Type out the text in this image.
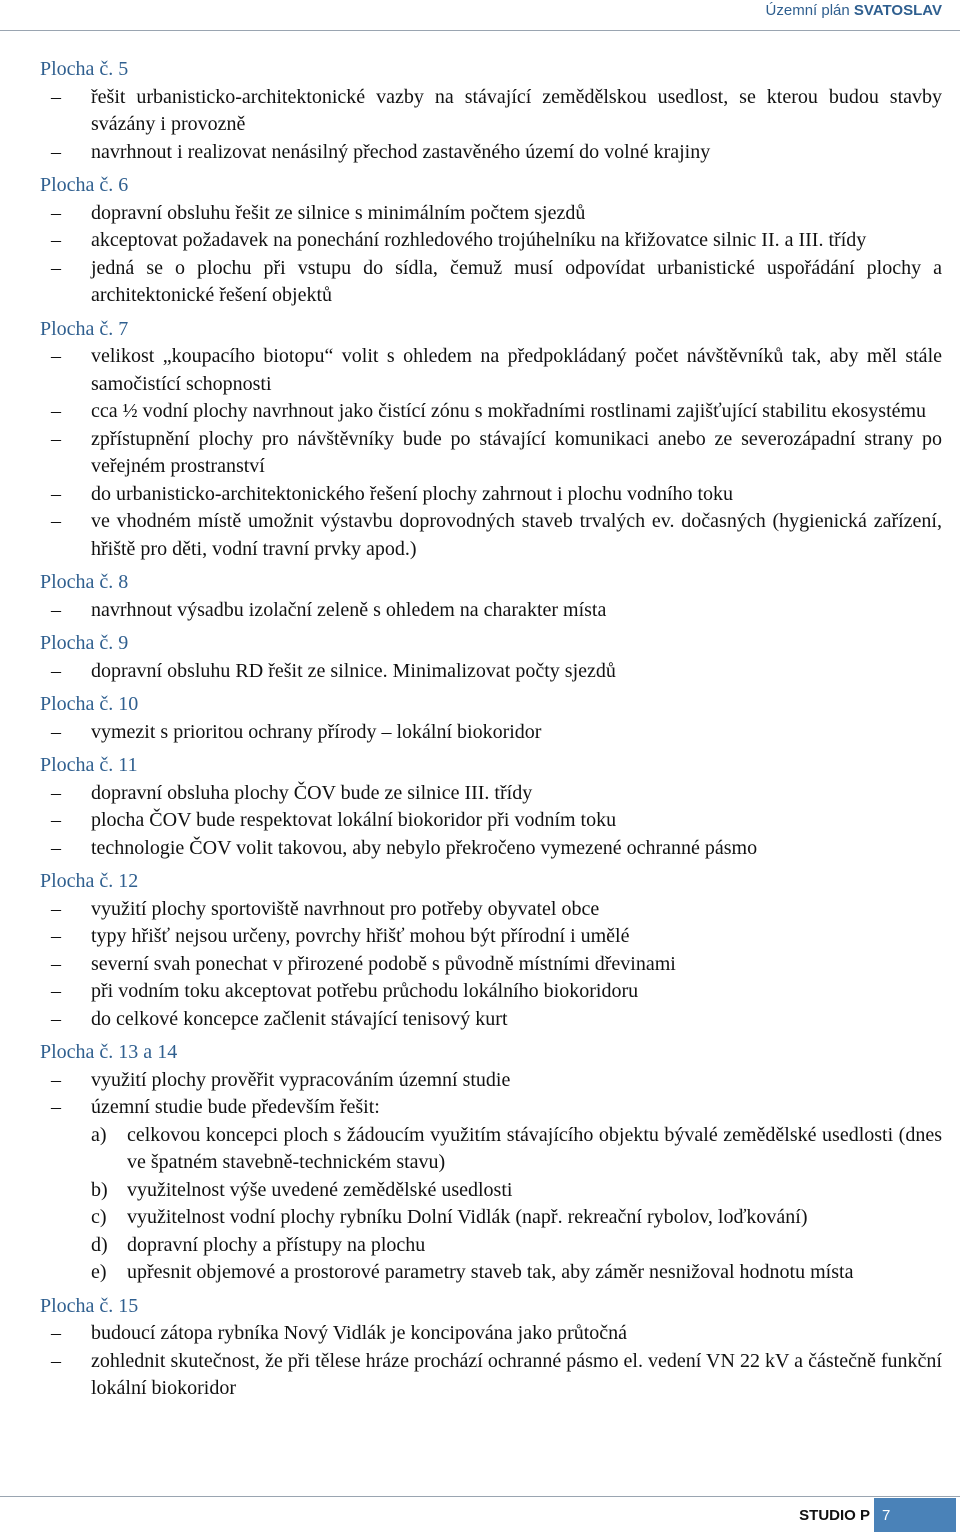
Územní plán SVATOSLAV
Plocha č. 5
–	řešit urbanisticko-architektonické vazby na stávající zemědělskou usedlost, se kterou budou stavby svázány i provozně
–	navrhnout i realizovat nenásilný přechod zastavěného území do volné krajiny
Plocha č. 6
–	dopravní obsluhu řešit ze silnice s minimálním počtem sjezdů
–	akceptovat požadavek na ponechání rozhledového trojúhelníku na křižovatce silnic II. a III. třídy
–	jedná se o plochu při vstupu do sídla, čemuž musí odpovídat urbanistické uspořádání plochy a architektonické řešení objektů
Plocha č. 7
–	velikost „koupacího biotopu“ volit s ohledem na předpokládaný počet návštěvníků tak, aby měl stále samočistící schopnosti
–	cca ½ vodní plochy navrhnout jako čistící zónu s mokřadními rostlinami zajišťující stabilitu ekosystému
–	zpřístupnění plochy pro návštěvníky bude po stávající komunikaci anebo ze severozápadní strany po veřejném prostranství
–	do urbanisticko-architektonického řešení plochy zahrnout i plochu vodního toku
–	ve vhodném místě umožnit výstavbu doprovodných staveb trvalých ev. dočasných (hygienická zařízení, hřiště pro děti, vodní travní prvky apod.)
Plocha č. 8
–	navrhnout výsadbu izolační zeleně s ohledem na charakter místa
Plocha č. 9
–	dopravní obsluhu RD řešit ze silnice. Minimalizovat počty sjezdů
Plocha č. 10
–	vymezit s prioritou ochrany přírody – lokální biokoridor
Plocha č. 11
–	dopravní obsluha plochy ČOV bude ze silnice III. třídy
–	plocha ČOV bude respektovat lokální biokoridor při vodním toku
–	technologie ČOV volit takovou, aby nebylo překročeno vymezené ochranné pásmo
Plocha č. 12
–	využití plochy sportoviště navrhnout pro potřeby obyvatel obce
–	typy hřišť nejsou určeny, povrchy hřišť mohou být přírodní i umělé
–	severní svah ponechat v přirozené podobě s původně místními dřevinami
–	při vodním toku akceptovat potřebu průchodu lokálního biokoridoru
–	do celkové koncepce začlenit stávající tenisový kurt
Plocha č. 13 a 14
–	využití plochy prověřit vypracováním územní studie
–	územní studie bude především řešit:
a) celkovou koncepci ploch s žádoucím využitím stávajícího objektu bývalé zemědělské usedlosti (dnes ve špatném stavebně-technickém stavu)
b) využitelnost výše uvedené zemědělské usedlosti
c) využitelnost vodní plochy rybníku Dolní Vidlák (např. rekreační rybolov, loďkování)
d) dopravní plochy a přístupy na plochu
e) upřesnit objemové a prostorové parametry staveb tak, aby záměr nesnižoval hodnotu místa
Plocha č. 15
–	budoucí zátopa rybníka Nový Vidlák je koncipována jako průtočná
–	zohlednit skutečnost, že při tělese hráze prochází ochranné pásmo el. vedení VN 22 kV a částečně funkční lokální biokoridor
STUDIO P 7
